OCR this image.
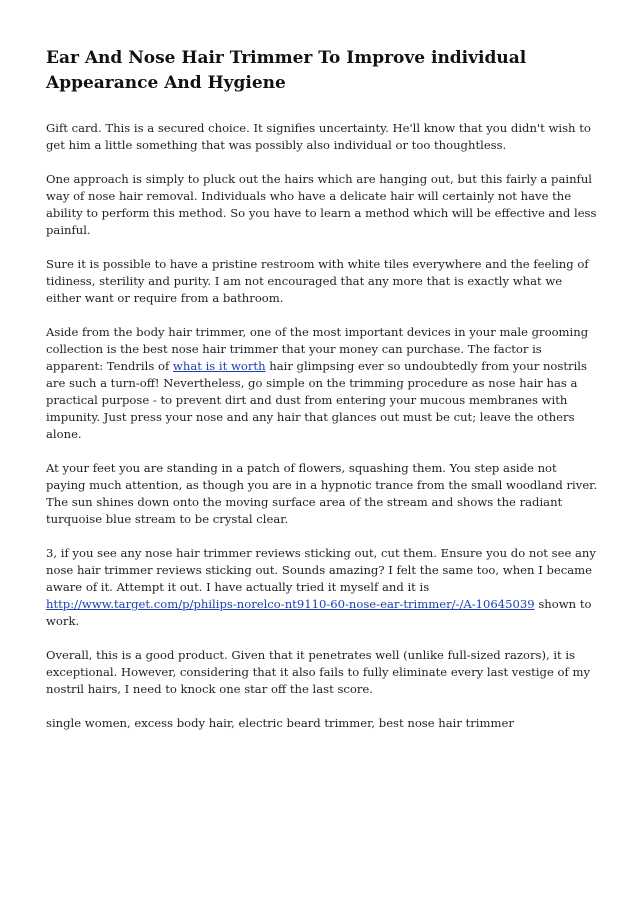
Ear And Nose Hair Trimmer To Improve individual Appearance And Hygiene

Gift card. This is a secured choice. It signifies uncertainty. He'll know that you didn't wish to get him a little something that was possibly also individual or too thoughtless.

One approach is simply to pluck out the hairs which are hanging out, but this fairly a painful way of nose hair removal. Individuals who have a delicate hair will certainly not have the ability to perform this method. So you have to learn a method which will be effective and less painful.

Sure it is possible to have a pristine restroom with white tiles everywhere and the feeling of tidiness, sterility and purity. I am not encouraged that any more that is exactly what we either want or require from a bathroom.

Aside from the body hair trimmer, one of the most important devices in your male grooming collection is the best nose hair trimmer that your money can purchase. The factor is apparent: Tendrils of what is it worth hair glimpsing ever so undoubtedly from your nostrils are such a turn-off! Nevertheless, go simple on the trimming procedure as nose hair has a practical purpose - to prevent dirt and dust from entering your mucous membranes with impunity. Just press your nose and any hair that glances out must be cut; leave the others alone.

At your feet you are standing in a patch of flowers, squashing them. You step aside not paying much attention, as though you are in a hypnotic trance from the small woodland river. The sun shines down onto the moving surface area of the stream and shows the radiant turquoise blue stream to be crystal clear.

3, if you see any nose hair trimmer reviews sticking out, cut them. Ensure you do not see any nose hair trimmer reviews sticking out. Sounds amazing? I felt the same too, when I became aware of it. Attempt it out. I have actually tried it myself and it is http://www.target.com/p/philips-norelco-nt9110-60-nose-ear-trimmer/-/A-10645039 shown to work.

Overall, this is a good product. Given that it penetrates well (unlike full-sized razors), it is exceptional. However, considering that it also fails to fully eliminate every last vestige of my nostril hairs, I need to knock one star off the last score.

single women, excess body hair, electric beard trimmer, best nose hair trimmer
